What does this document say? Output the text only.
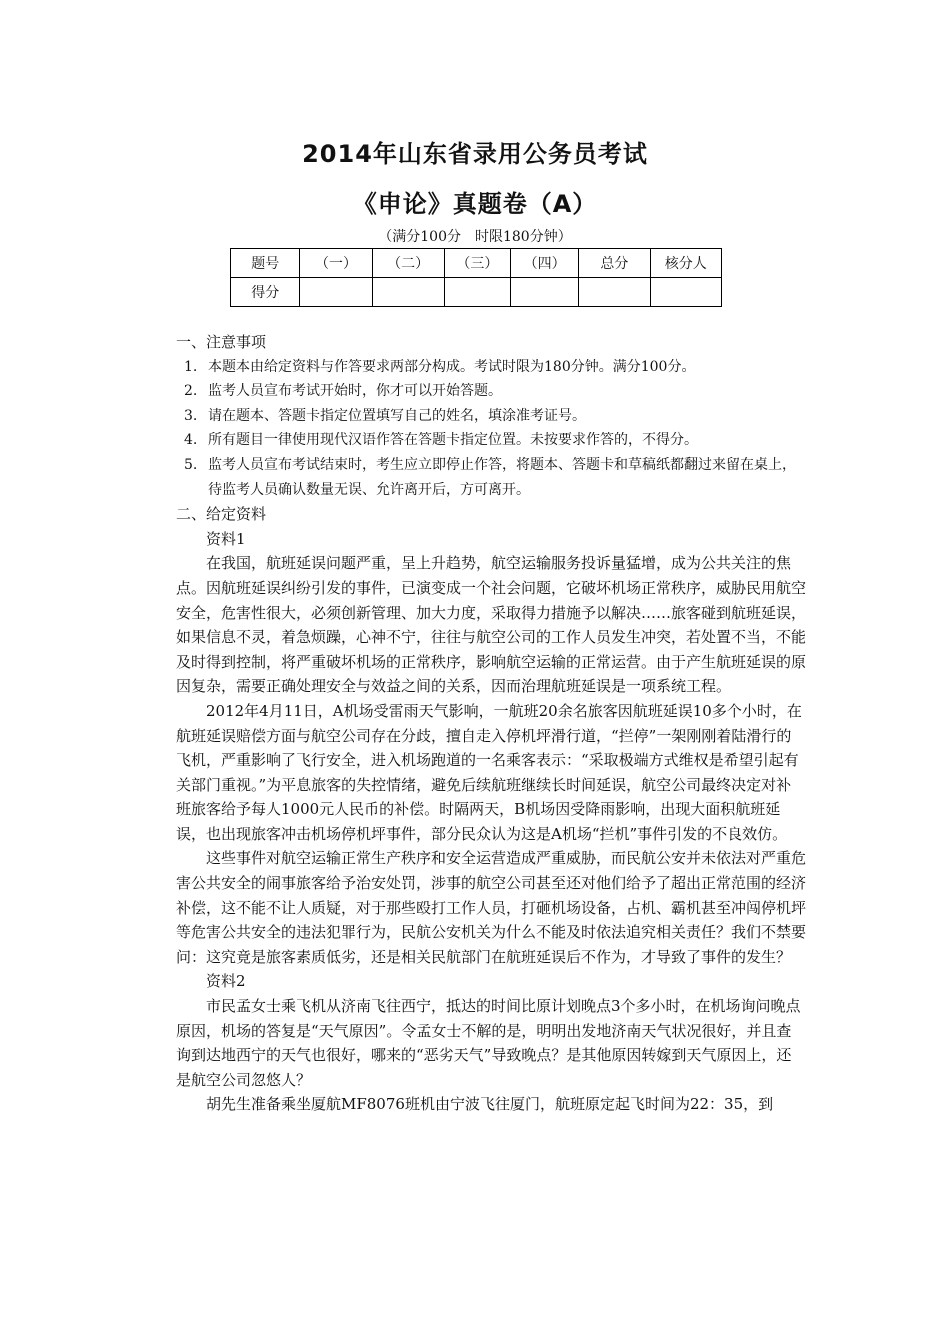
2014年山东省录用公务员考试
《申论》真题卷（A）
（满分100分　时限180分钟）
题号	（一）	（二）	（三）	（四）	总分	核分人
得分						

一、注意事项

1. 本题本由给定资料与作答要求两部分构成。考试时限为180分钟。满分100分。

2. 监考人员宣布考试开始时，你才可以开始答题。

3. 请在题本、答题卡指定位置填写自己的姓名，填涂准考证号。

4. 所有题目一律使用现代汉语作答在答题卡指定位置。未按要求作答的，不得分。

5. 监考人员宣布考试结束时，考生应立即停止作答，将题本、答题卡和草稿纸都翻过来留在桌上，待监考人员确认数量无误、允许离开后，方可离开。

二、给定资料

资料1

在我国，航班延误问题严重，呈上升趋势，航空运输服务投诉量猛增，成为公共关注的焦点。因航班延误纠纷引发的事件，已演变成一个社会问题，它破坏机场正常秩序，威胁民用航空安全，危害性很大，必须创新管理、加大力度，采取得力措施予以解决……旅客碰到航班延误，如果信息不灵，着急烦躁，心神不宁，往往与航空公司的工作人员发生冲突，若处置不当，不能及时得到控制，将严重破坏机场的正常秩序，影响航空运输的正常运营。由于产生航班延误的原因复杂，需要正确处理安全与效益之间的关系，因而治理航班延误是一项系统工程。

2012年4月11日，A机场受雷雨天气影响，一航班20余名旅客因航班延误10多个小时，在航班延误赔偿方面与航空公司存在分歧，擅自走入停机坪滑行道，“拦停”一架刚刚着陆滑行的飞机，严重影响了飞行安全，进入机场跑道的一名乘客表示：“采取极端方式维权是希望引起有关部门重视。”为平息旅客的失控情绪，避免后续航班继续长时间延误，航空公司最终决定对补班旅客给予每人1000元人民币的补偿。时隔两天，B机场因受降雨影响，出现大面积航班延误，也出现旅客冲击机场停机坪事件，部分民众认为这是A机场“拦机”事件引发的不良效仿。

这些事件对航空运输正常生产秩序和安全运营造成严重威胁，而民航公安并未依法对严重危害公共安全的闹事旅客给予治安处罚，涉事的航空公司甚至还对他们给予了超出正常范围的经济补偿，这不能不让人质疑，对于那些殴打工作人员，打砸机场设备，占机、霸机甚至冲闯停机坪等危害公共安全的违法犯罪行为，民航公安机关为什么不能及时依法追究相关责任？我们不禁要问：这究竟是旅客素质低劣，还是相关民航部门在航班延误后不作为，才导致了事件的发生？

资料2

市民孟女士乘飞机从济南飞往西宁，抵达的时间比原计划晚点3个多小时，在机场询问晚点原因，机场的答复是“天气原因”。令孟女士不解的是，明明出发地济南天气状况很好，并且查询到达地西宁的天气也很好，哪来的“恶劣天气”导致晚点？是其他原因转嫁到天气原因上，还是航空公司忽悠人？

胡先生准备乘坐厦航MF8076班机由宁波飞往厦门，航班原定起飞时间为22：35，到
